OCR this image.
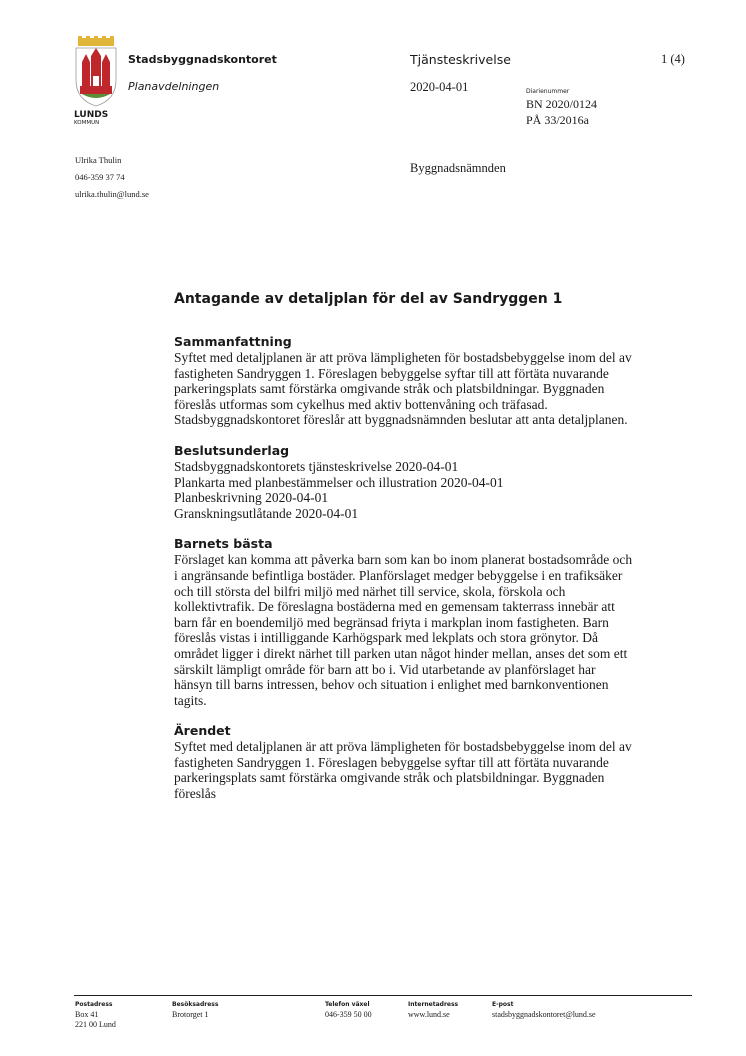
LUNDS
KOMMUN
Stadsbyggnadskontoret
Planavdelningen
Tjänsteskrivelse
2020-04-01
1 (4)
Diarienummer
BN 2020/0124
PÅ 33/2016a
Ulrika Thulin
046-359 37 74
ulrika.thulin@lund.se
Byggnadsnämnden
Antagande av detaljplan för del av Sandryggen 1
Sammanfattning

Syftet med detaljplanen är att pröva lämpligheten för bostadsbebyggelse inom del av fastigheten Sandryggen 1. Föreslagen bebyggelse syftar till att förtäta nuvarande parkeringsplats samt förstärka omgivande stråk och platsbildningar. Byggnaden föreslås utformas som cykelhus med aktiv bottenvåning och träfasad.

Stadsbyggnadskontoret föreslår att byggnadsnämnden beslutar att anta detaljplanen.

Beslutsunderlag
Stadsbyggnadskontorets tjänsteskrivelse 2020-04-01
Plankarta med planbestämmelser och illustration 2020-04-01
Planbeskrivning 2020-04-01
Granskningsutlåtande 2020-04-01
Barnets bästa

Förslaget kan komma att påverka barn som kan bo inom planerat bostadsområde och i angränsande befintliga bostäder. Planförslaget medger bebyggelse i en trafiksäker och till största del bilfri miljö med närhet till service, skola, förskola och kollektivtrafik. De föreslagna bostäderna med en gemensam takterrass innebär att barn får en boendemiljö med begränsad friyta i markplan inom fastigheten. Barn föreslås vistas i intilliggande Karhögspark med lekplats och stora grönytor. Då området ligger i direkt närhet till parken utan något hinder mellan, anses det som ett särskilt lämpligt område för barn att bo i. Vid utarbetande av planförslaget har hänsyn till barns intressen, behov och situation i enlighet med barnkonventionen tagits.

Ärendet

Syftet med detaljplanen är att pröva lämpligheten för bostadsbebyggelse inom del av fastigheten Sandryggen 1. Föreslagen bebyggelse syftar till att förtäta nuvarande parkeringsplats samt förstärka omgivande stråk och platsbildningar. Byggnaden föreslås

Postadress
Box 41
221 00 Lund
Besöksadress
Brotorget 1
Telefon växel
046-359 50 00
Internetadress
www.lund.se
E-post
stadsbyggnadskontoret@lund.se
